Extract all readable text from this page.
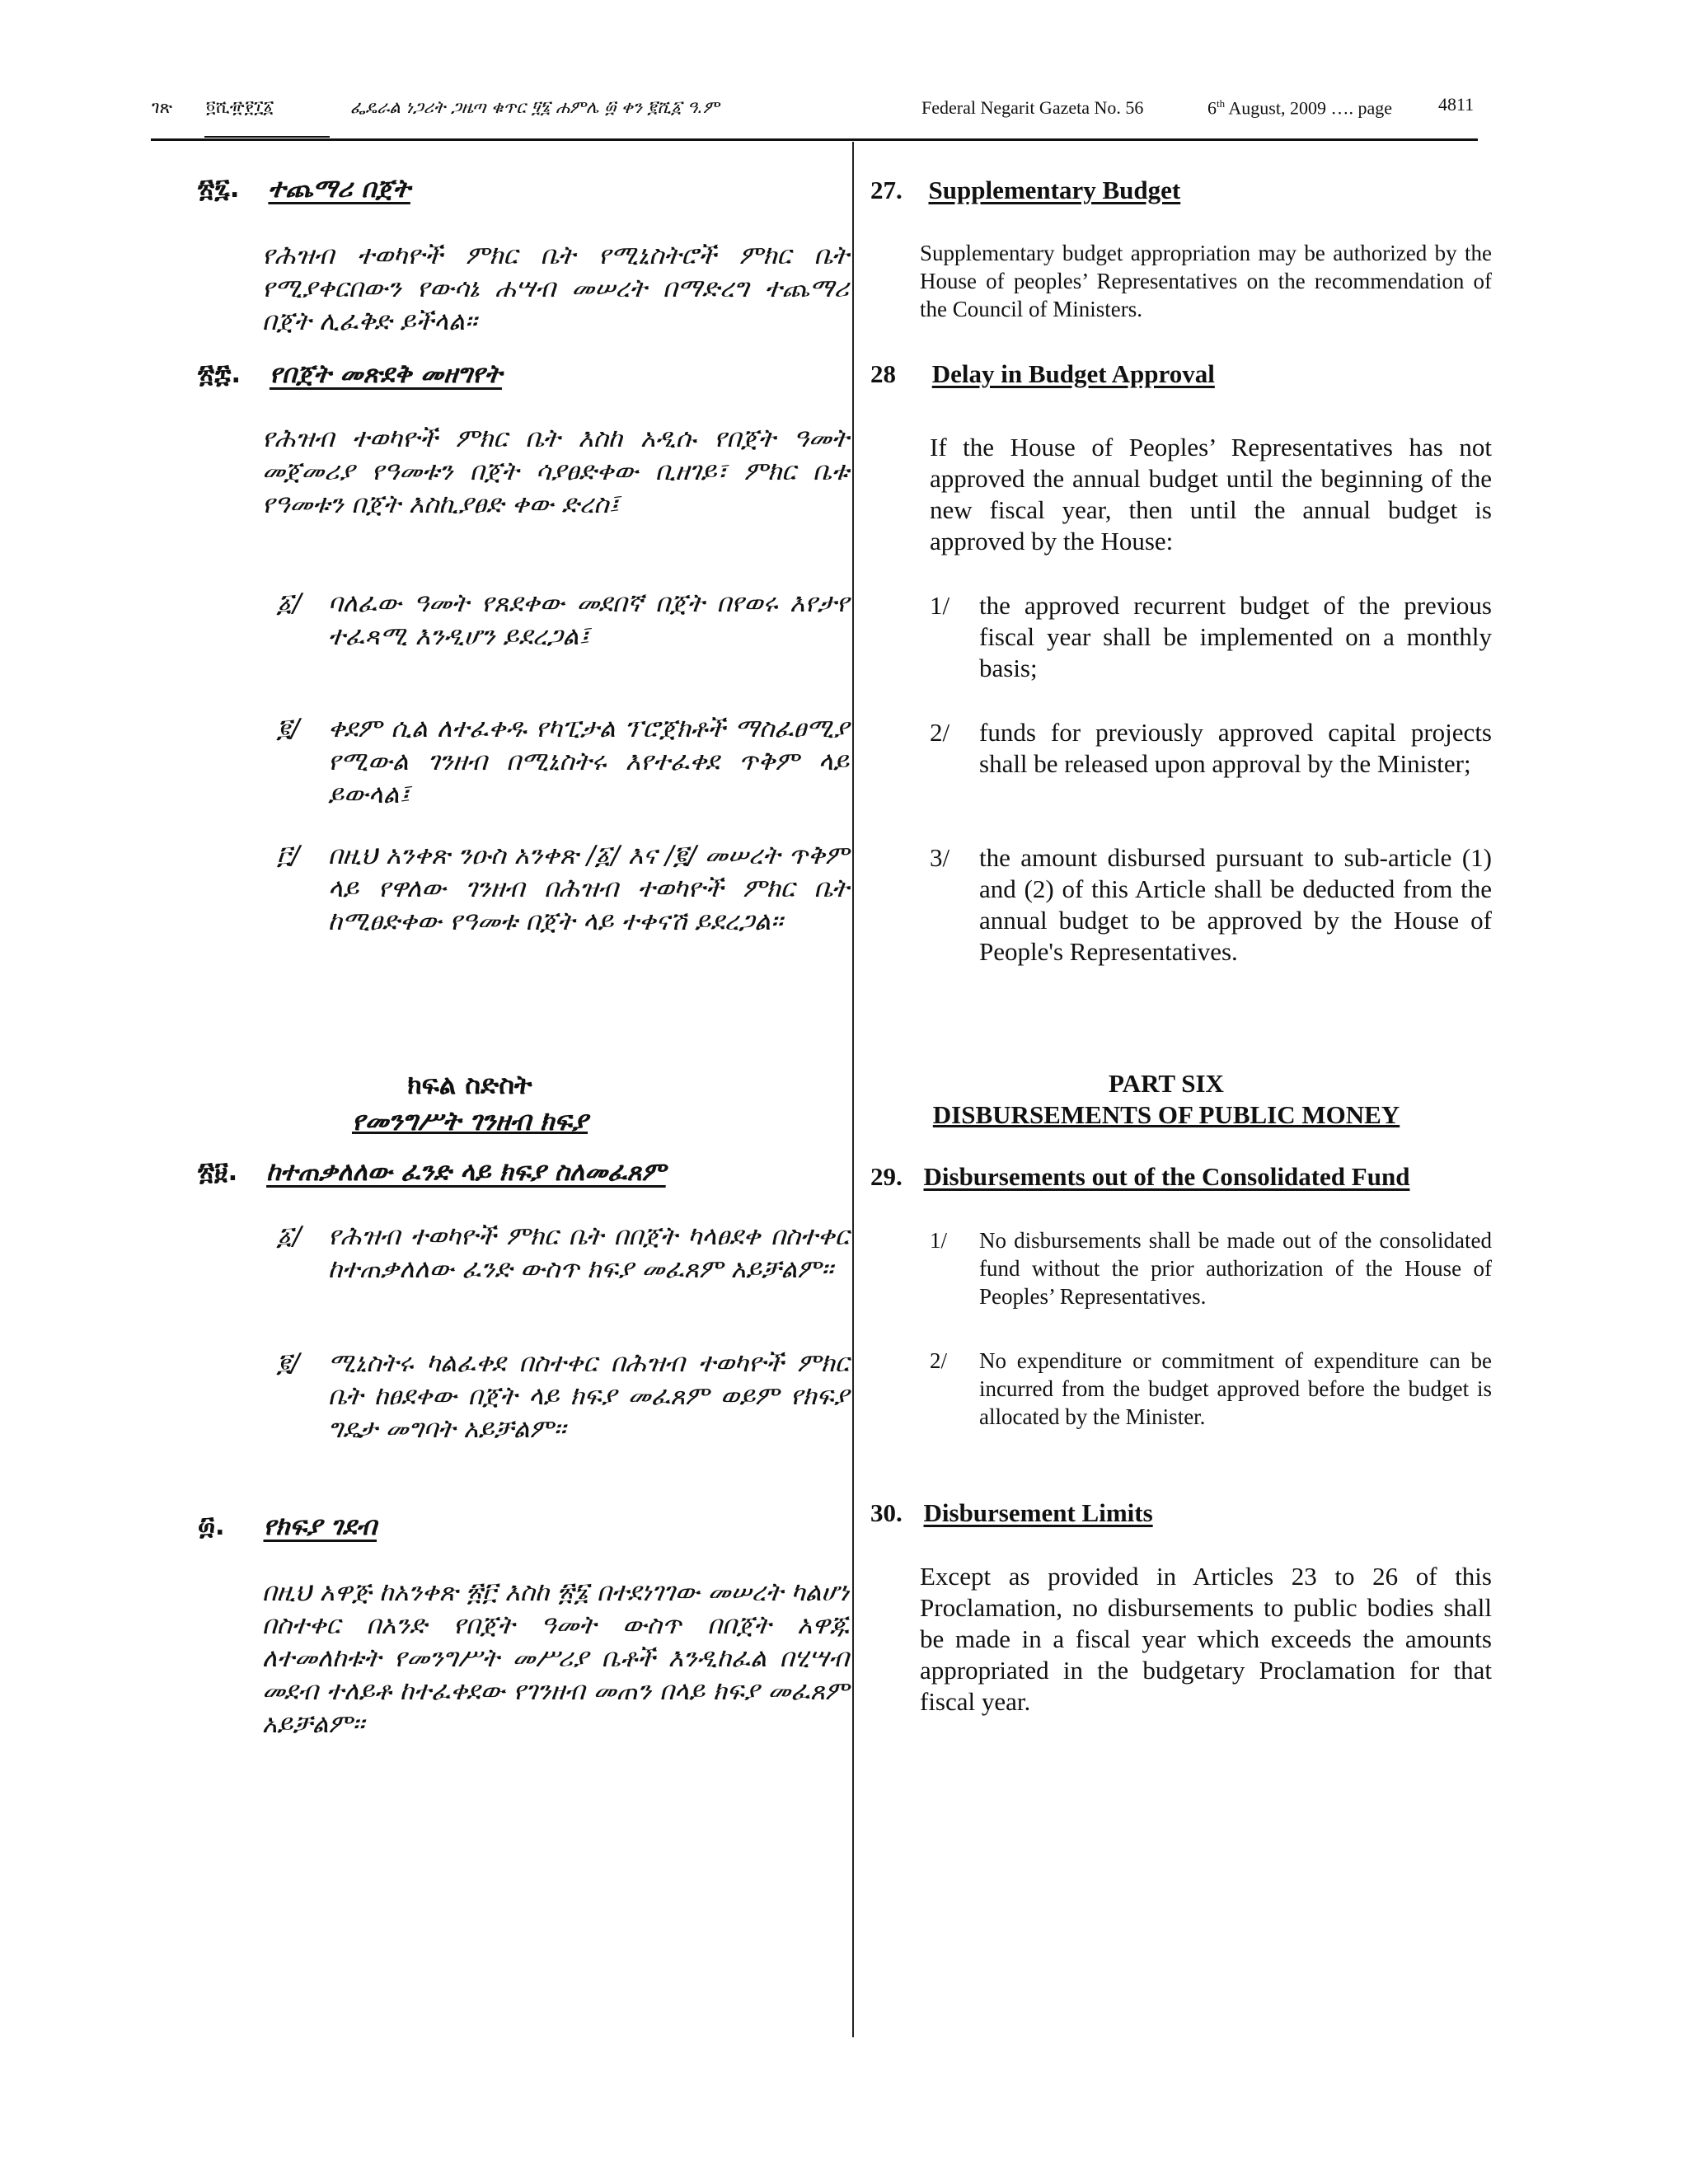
ገጽ ፬ሺ፹፻፲፩	ፌዴራል ነጋሪት ጋዜጣ ቁጥር ፶፮ ሐምሌ ፴ ቀን ፪ሺ፩ ዓ.ም	Federal Negarit Gazeta No. 56	6th August, 2009 …. page	4811
፳፯. ተጨማሪ በጀት

የሕዝብ ተወካዮች ምክር ቤት የሚኒስትሮች ምክር ቤት የሚያቀርበውን የውሳኔ ሐሣብ መሠረት በማድረግ ተጨማሪ በጀት ሊፈቅድ ይችላል፡፡

፳፰. የበጀት መጽደቅ መዘግየት

የሕዝብ ተወካዮች ምክር ቤት እስከ አዲሱ የበጀት ዓመት መጀመሪያ የዓመቱን በጀት ሳያፀድቀው ቢዘገይ፣ ምክር ቤቱ የዓመቱን በጀት እስኪያፀድ ቀው ድረስ፤

፩/ ባለፈው ዓመት የጸደቀው መደበኛ በጀት በየወሩ እየታየ ተፈጻሚ እንዲሆን ይደረጋል፤

፪/ ቀደም ሲል ለተፈቀዱ የካፒታል ፕሮጀክቶች ማስፈፀሚያ የሚውል ገንዘብ በሚኒስትሩ እየተፈቀደ ጥቅም ላይ ይውላል፤

፫/ በዚህ አንቀጽ ንዑስ አንቀጽ /፩/ እና /፪/ መሠረት ጥቅም ላይ የዋለው ገንዘብ በሕዝብ ተወካዮች ምክር ቤት ከሚፀድቀው የዓመቱ በጀት ላይ ተቀናሽ ይደረጋል፡፡

ክፍል ስድስት
የመንግሥት ገንዘብ ክፍያ
፳፱. ከተጠቃለለው ፈንድ ላይ ክፍያ ስለመፈጸም
፩/ የሕዝብ ተወካዮች ምክር ቤት በበጀት ካላፀደቀ በስተቀር ከተጠቃለለው ፈንድ ውስጥ ክፍያ መፈጸም አይቻልም፡፡

፪/ ሚኒስትሩ ካልፈቀደ በስተቀር በሕዝብ ተወካዮች ምክር ቤት ከፀደቀው በጀት ላይ ክፍያ መፈጸም ወይም የክፍያ ግዴታ መግባት አይቻልም፡፡

፴. የክፍያ ገደብ

በዚህ አዋጅ ከአንቀጽ ፳፫ እስከ ፳፮ በተደነገገው መሠረት ካልሆነ በስተቀር በአንድ የበጀት ዓመት ውስጥ በበጀት አዋጁ ለተመለከቱት የመንግሥት መሥሪያ ቤቶች እንዲከፈል በሂሣብ መደብ ተለይቶ ከተፈቀደው የገንዘብ መጠን በላይ ክፍያ መፈጸም አይቻልም፡፡

27. Supplementary Budget

Supplementary budget appropriation may be authorized by the House of peoples’ Representatives on the recommendation of the Council of Ministers.

28 Delay in Budget Approval

If the House of Peoples’ Representatives has not approved the annual budget until the beginning of the new fiscal year, then until the annual budget is approved by the House:

1/ the approved recurrent budget of the previous fiscal year shall be implemented on a monthly basis;

2/ funds for previously approved capital projects shall be released upon approval by the Minister;

3/ the amount disbursed pursuant to sub-article (1) and (2) of this Article shall be deducted from the annual budget to be approved by the House of People's Representatives.

PART SIX
DISBURSEMENTS OF PUBLIC MONEY
29. Disbursements out of the Consolidated Fund
1/ No disbursements shall be made out of the consolidated fund without the prior authorization of the House of Peoples’ Representatives.

2/ No expenditure or commitment of expenditure can be incurred from the budget approved before the budget is allocated by the Minister.

30. Disbursement Limits

Except as provided in Articles 23 to 26 of this Proclamation, no disbursements to public bodies shall be made in a fiscal year which exceeds the amounts appropriated in the budgetary Proclamation for that fiscal year.
